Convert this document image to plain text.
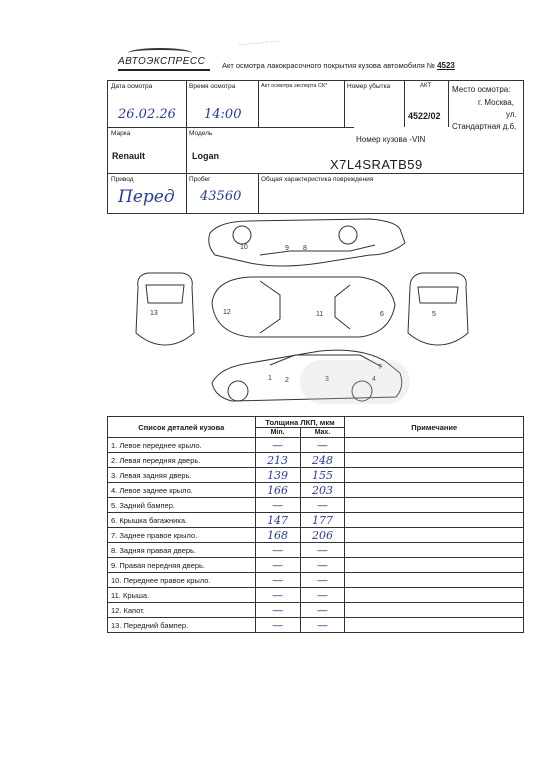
~~~~~~~~
АВТОЭКСПРЕСС	Акт осмотра лакокрасочного покрытия кузова автомобиля № 4523
Дата осмотра
26.02.26
Время осмотра
14:00
Акт осмотра эксперта СК*	Номер убытка	АКТ
4522/02
Место осмотра:
г. Москва,
ул.
Стандартная д.6,
Марка
Renault
Модель
Logan
Номер кузова -VIN
X7L4SRATB59
Привод
Перед
Пробег
43560
Общая характеристика повреждения
10	9 8
13	12	11	6	5
1 2	3	4
7
Список деталей кузова	Толщина ЛКП, мкм		Примечание
	Min.	Max.	
1. Левое переднее крыло.	—	—	
2. Левая передняя дверь.	213	248	
3. Левая задняя дверь.	139	155	
4. Левое заднее крыло.	166	203	
5. Задний бампер.	—	—	
6. Крышка багажника.	147	177	
7. Заднее правое крыло.	168	206	
8. Задняя правая дверь.	—	—	
9. Правая передняя дверь.	—	—	
10. Переднее правое крыло.	—	—	
11. Крыша.	—	—	
12. Капот.	—	—	
13. Передний бампер.	—	—	
